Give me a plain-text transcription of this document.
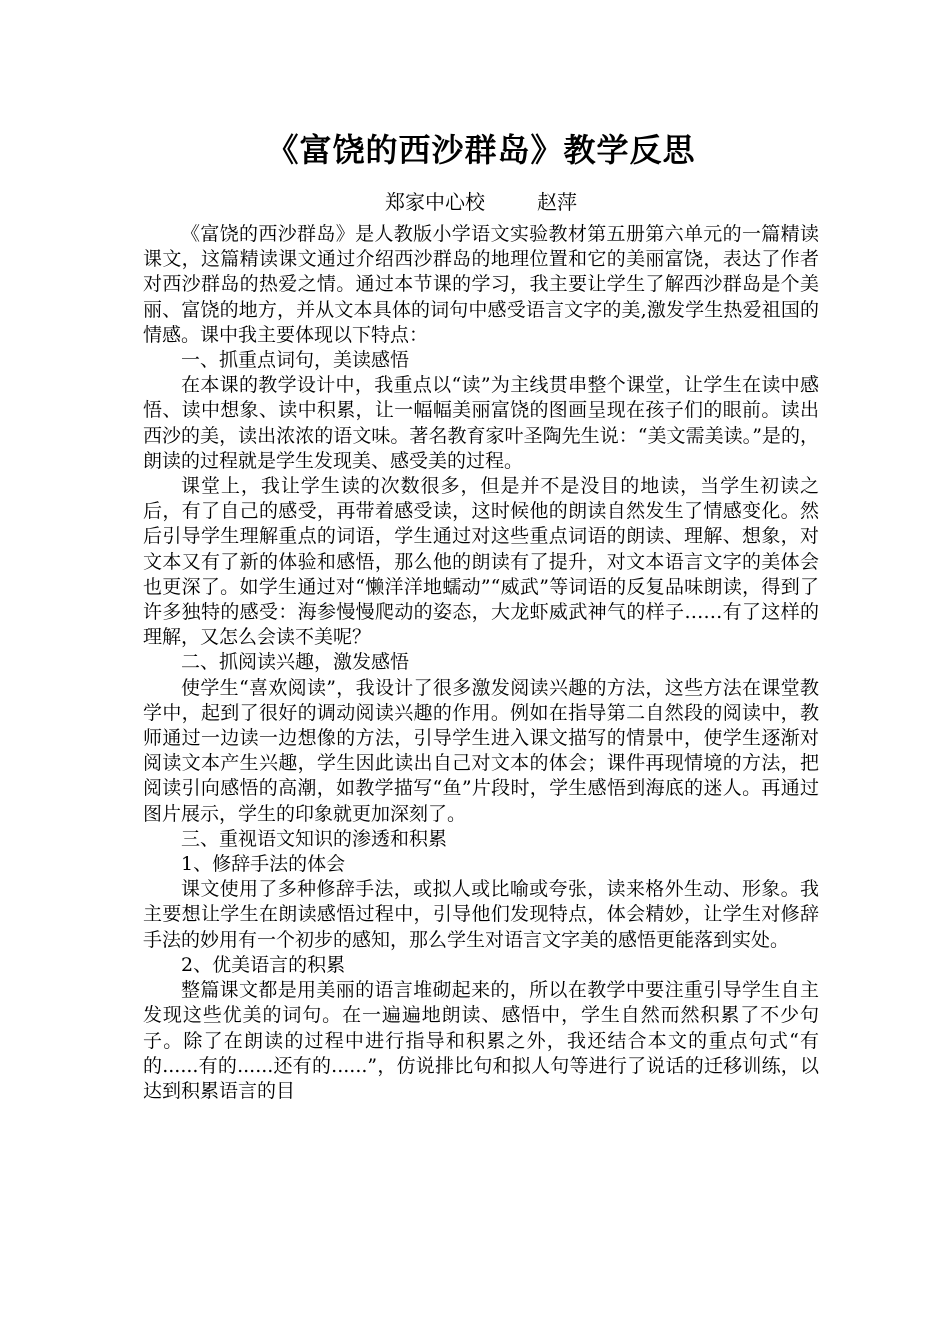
《富饶的西沙群岛》教学反思
郑家中心校	赵萍

《富饶的西沙群岛》是人教版小学语文实验教材第五册第六单元的一篇精读课文，这篇精读课文通过介绍西沙群岛的地理位置和它的美丽富饶，表达了作者对西沙群岛的热爱之情。通过本节课的学习，我主要让学生了解西沙群岛是个美丽、富饶的地方，并从文本具体的词句中感受语言文字的美,激发学生热爱祖国的情感。课中我主要体现以下特点：

一、抓重点词句，美读感悟

在本课的教学设计中，我重点以“读”为主线贯串整个课堂，让学生在读中感悟、读中想象、读中积累，让一幅幅美丽富饶的图画呈现在孩子们的眼前。读出西沙的美，读出浓浓的语文味。著名教育家叶圣陶先生说：“美文需美读。”是的，朗读的过程就是学生发现美、感受美的过程。

课堂上，我让学生读的次数很多，但是并不是没目的地读，当学生初读之后，有了自己的感受，再带着感受读，这时候他的朗读自然发生了情感变化。然后引导学生理解重点的词语，学生通过对这些重点词语的朗读、理解、想象，对文本又有了新的体验和感悟，那么他的朗读有了提升，对文本语言文字的美体会也更深了。如学生通过对“懒洋洋地蠕动”“威武”等词语的反复品味朗读，得到了许多独特的感受：海参慢慢爬动的姿态，大龙虾威武神气的样子……有了这样的理解，又怎么会读不美呢？

二、抓阅读兴趣，激发感悟

使学生“喜欢阅读”，我设计了很多激发阅读兴趣的方法，这些方法在课堂教学中，起到了很好的调动阅读兴趣的作用。例如在指导第二自然段的阅读中，教师通过一边读一边想像的方法，引导学生进入课文描写的情景中，使学生逐渐对阅读文本产生兴趣，学生因此读出自己对文本的体会；课件再现情境的方法，把阅读引向感悟的高潮，如教学描写“鱼”片段时，学生感悟到海底的迷人。再通过图片展示，学生的印象就更加深刻了。

三、重视语文知识的渗透和积累

1、修辞手法的体会

课文使用了多种修辞手法，或拟人或比喻或夸张，读来格外生动、形象。我主要想让学生在朗读感悟过程中，引导他们发现特点，体会精妙，让学生对修辞手法的妙用有一个初步的感知，那么学生对语言文字美的感悟更能落到实处。

2、优美语言的积累

整篇课文都是用美丽的语言堆砌起来的，所以在教学中要注重引导学生自主发现这些优美的词句。在一遍遍地朗读、感悟中，学生自然而然积累了不少句子。除了在朗读的过程中进行指导和积累之外，我还结合本文的重点句式“有的......有的......还有的......”，仿说排比句和拟人句等进行了说话的迁移训练，以达到积累语言的目
